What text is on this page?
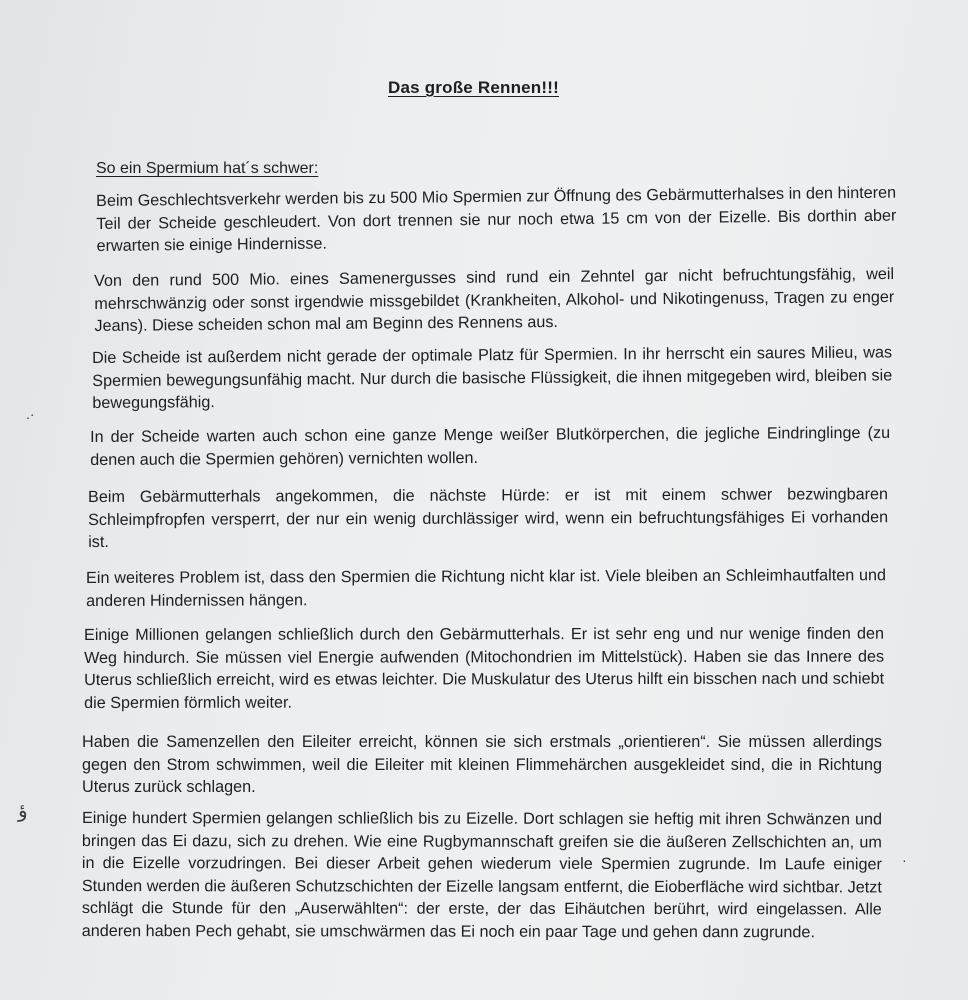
Das große Rennen!!!
So ein Spermium hat´s schwer:

Beim Geschlechtsverkehr werden bis zu 500 Mio Spermien zur Öffnung des Gebärmutterhalses in den hinteren Teil der Scheide geschleudert. Von dort trennen sie nur noch etwa 15 cm von der Eizelle. Bis dorthin aber erwarten sie einige Hindernisse.

Von den rund 500 Mio. eines Samenergusses sind rund ein Zehntel gar nicht befruchtungsfähig, weil mehrschwänzig oder sonst irgendwie missgebildet (Krankheiten, Alkohol- und Nikotingenuss, Tragen zu enger Jeans). Diese scheiden schon mal am Beginn des Rennens aus.

Die Scheide ist außerdem nicht gerade der optimale Platz für Spermien. In ihr herrscht ein saures Milieu, was Spermien bewegungsunfähig macht. Nur durch die basische Flüssigkeit, die ihnen mitgegeben wird, bleiben sie bewegungsfähig.

In der Scheide warten auch schon eine ganze Menge weißer Blutkörperchen, die jegliche Eindringlinge (zu denen auch die Spermien gehören) vernichten wollen.

Beim Gebärmutterhals angekommen, die nächste Hürde: er ist mit einem schwer bezwingbaren Schleimpfropfen versperrt, der nur ein wenig durchlässiger wird, wenn ein befruchtungsfähiges Ei vorhanden ist.

Ein weiteres Problem ist, dass den Spermien die Richtung nicht klar ist. Viele bleiben an Schleimhautfalten und anderen Hindernissen hängen.

Einige Millionen gelangen schließlich durch den Gebärmutterhals. Er ist sehr eng und nur wenige finden den Weg hindurch. Sie müssen viel Energie aufwenden (Mitochondrien im Mittelstück). Haben sie das Innere des Uterus schließlich erreicht, wird es etwas leichter. Die Muskulatur des Uterus hilft ein bisschen nach und schiebt die Spermien förmlich weiter.

Haben die Samenzellen den Eileiter erreicht, können sie sich erstmals „orientieren“. Sie müssen allerdings gegen den Strom schwimmen, weil die Eileiter mit kleinen Flimmehärchen ausgekleidet sind, die in Richtung Uterus zurück schlagen.

Einige hundert Spermien gelangen schließlich bis zu Eizelle. Dort schlagen sie heftig mit ihren Schwänzen und bringen das Ei dazu, sich zu drehen. Wie eine Rugbymannschaft greifen sie die äußeren Zellschichten an, um in die Eizelle vorzudringen. Bei dieser Arbeit gehen wiederum viele Spermien zugrunde. Im Laufe einiger Stunden werden die äußeren Schutzschichten der Eizelle langsam entfernt, die Eioberfläche wird sichtbar. Jetzt schlägt die Stunde für den „Auserwählten“: der erste, der das Eihäutchen berührt, wird eingelassen. Alle anderen haben Pech gehabt, sie umschwärmen das Ei noch ein paar Tage und gehen dann zugrunde.

.·
ؤ
·
